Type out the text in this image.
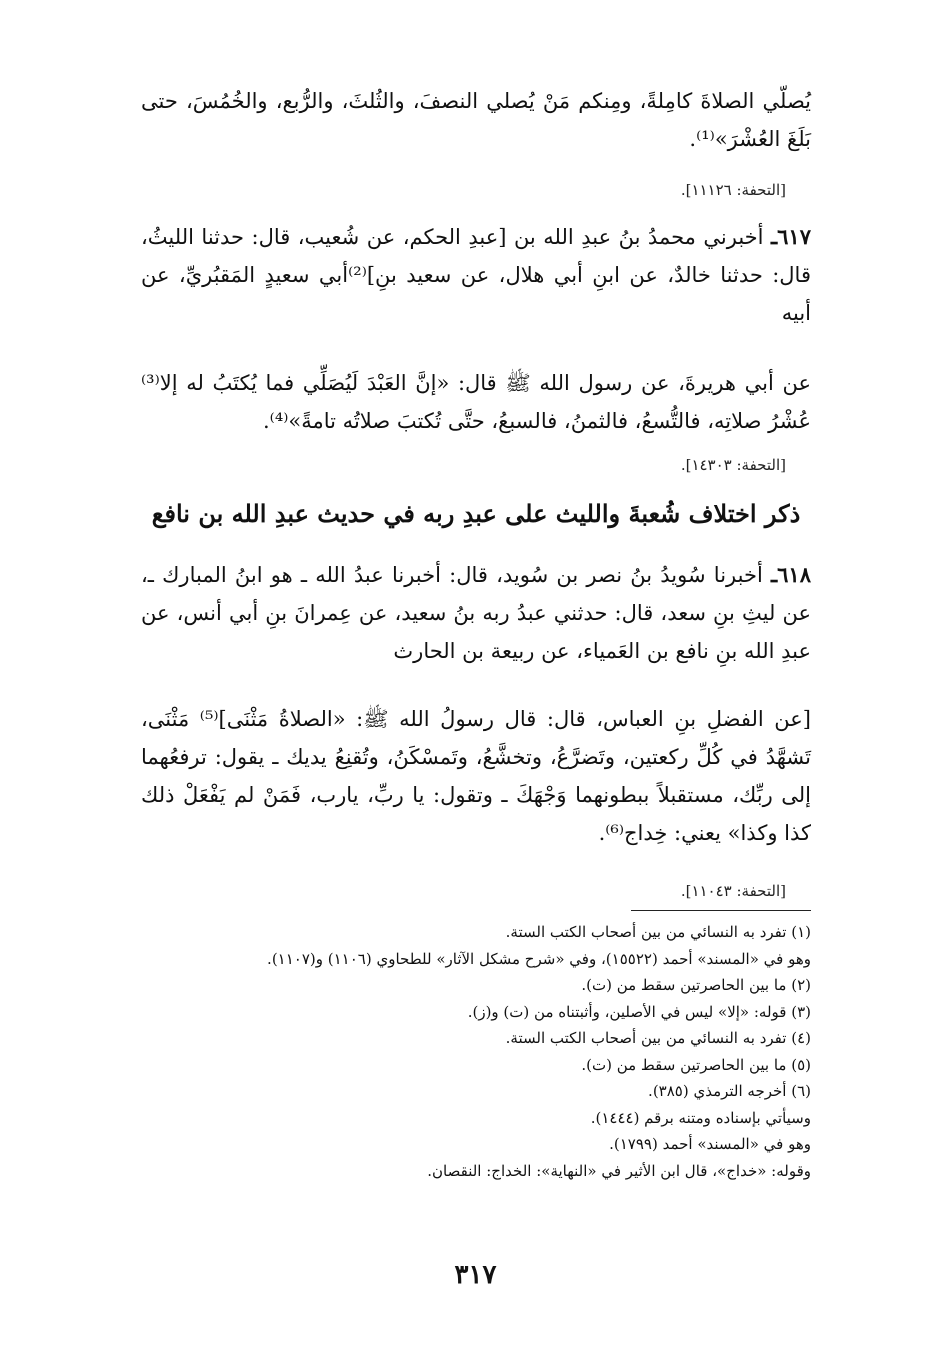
يُصلّي الصلاةَ كامِلةً، ومِنكم مَنْ يُصلي النصفَ، والثُلثَ، والرُّبع، والخُمُسَ، حتى بَلَغَ العُشْرَ»⁽¹⁾.

[التحفة: ١١١٢٦].

٦١٧ـ أخبرني محمدُ بنُ عبدِ الله بن [عبدِ الحكم، عن شُعيب، قال: حدثنا الليثُ، قال: حدثنا خالدٌ، عن ابنِ أبي هلال، عن سعيد بنِ]⁽²⁾أبي سعيدٍ المَقبُريِّ، عن أبيه

عن أبي هريرةَ، عن رسول الله ﷺ قال: «إنَّ العَبْدَ لَيُصَلِّي فما يُكتَبُ له إلا⁽³⁾عُشْرُ صلاتِه، فالتُّسعُ، فالثمنُ، فالسبعُ، حتَّى تُكتبَ صلاتُه تامةً»⁽⁴⁾.

[التحفة: ١٤٣٠٣].
ذكر اختلاف شُعبةَ والليث على عبدِ ربه في حديث عبدِ الله بن نافع

٦١٨ـ أخبرنا سُويدُ بنُ نصر بن سُويد، قال: أخبرنا عبدُ الله ـ هو ابنُ المبارك ـ، عن ليثِ بنِ سعد، قال: حدثني عبدُ ربه بنُ سعيد، عن عِمرانَ بنِ أبي أنس، عن عبدِ الله بنِ نافع بن العَمياء، عن ربيعة بن الحارث

[عن الفضلِ بنِ العباس، قال: قال رسولُ الله ﷺ: «الصلاةُ مَثْنَى]⁽⁵⁾ مَثْنَى، تَشهَّدُ في كُلِّ ركعتين، وتَضرَّعُ، وتخشَّعُ، وتَمسْكَنُ، وتُقنِعُ يديك ـ يقول: ترفعُهما إلى ربِّك، مستقبلاً ببطونهما وَجْهَكَ ـ وتقول: يا ربِّ، يارب، فَمَنْ لم يَفْعَلْ ذلك كذا وكذا» يعني: خِداج⁽⁶⁾.

[التحفة: ١١٠٤٣].
(١) تفرد به النسائي من بين أصحاب الكتب الستة.
وهو في «المسند» أحمد (١٥٥٢٢)، وفي «شرح مشكل الآثار» للطحاوي (١١٠٦) و(١١٠٧).
(٢) ما بين الحاصرتين سقط من (ت).
(٣) قوله: «إلا» ليس في الأصلين، وأثبتناه من (ت) و(ز).
(٤) تفرد به النسائي من بين أصحاب الكتب الستة.
(٥) ما بين الحاصرتين سقط من (ت).
(٦) أخرجه الترمذي (٣٨٥).
وسيأتي بإسناده ومتنه برقم (١٤٤٤).
وهو في «المسند» أحمد (١٧٩٩).
وقوله: «خداج»، قال ابن الأثير في «النهاية»: الخداج: النقصان.
٣١٧
